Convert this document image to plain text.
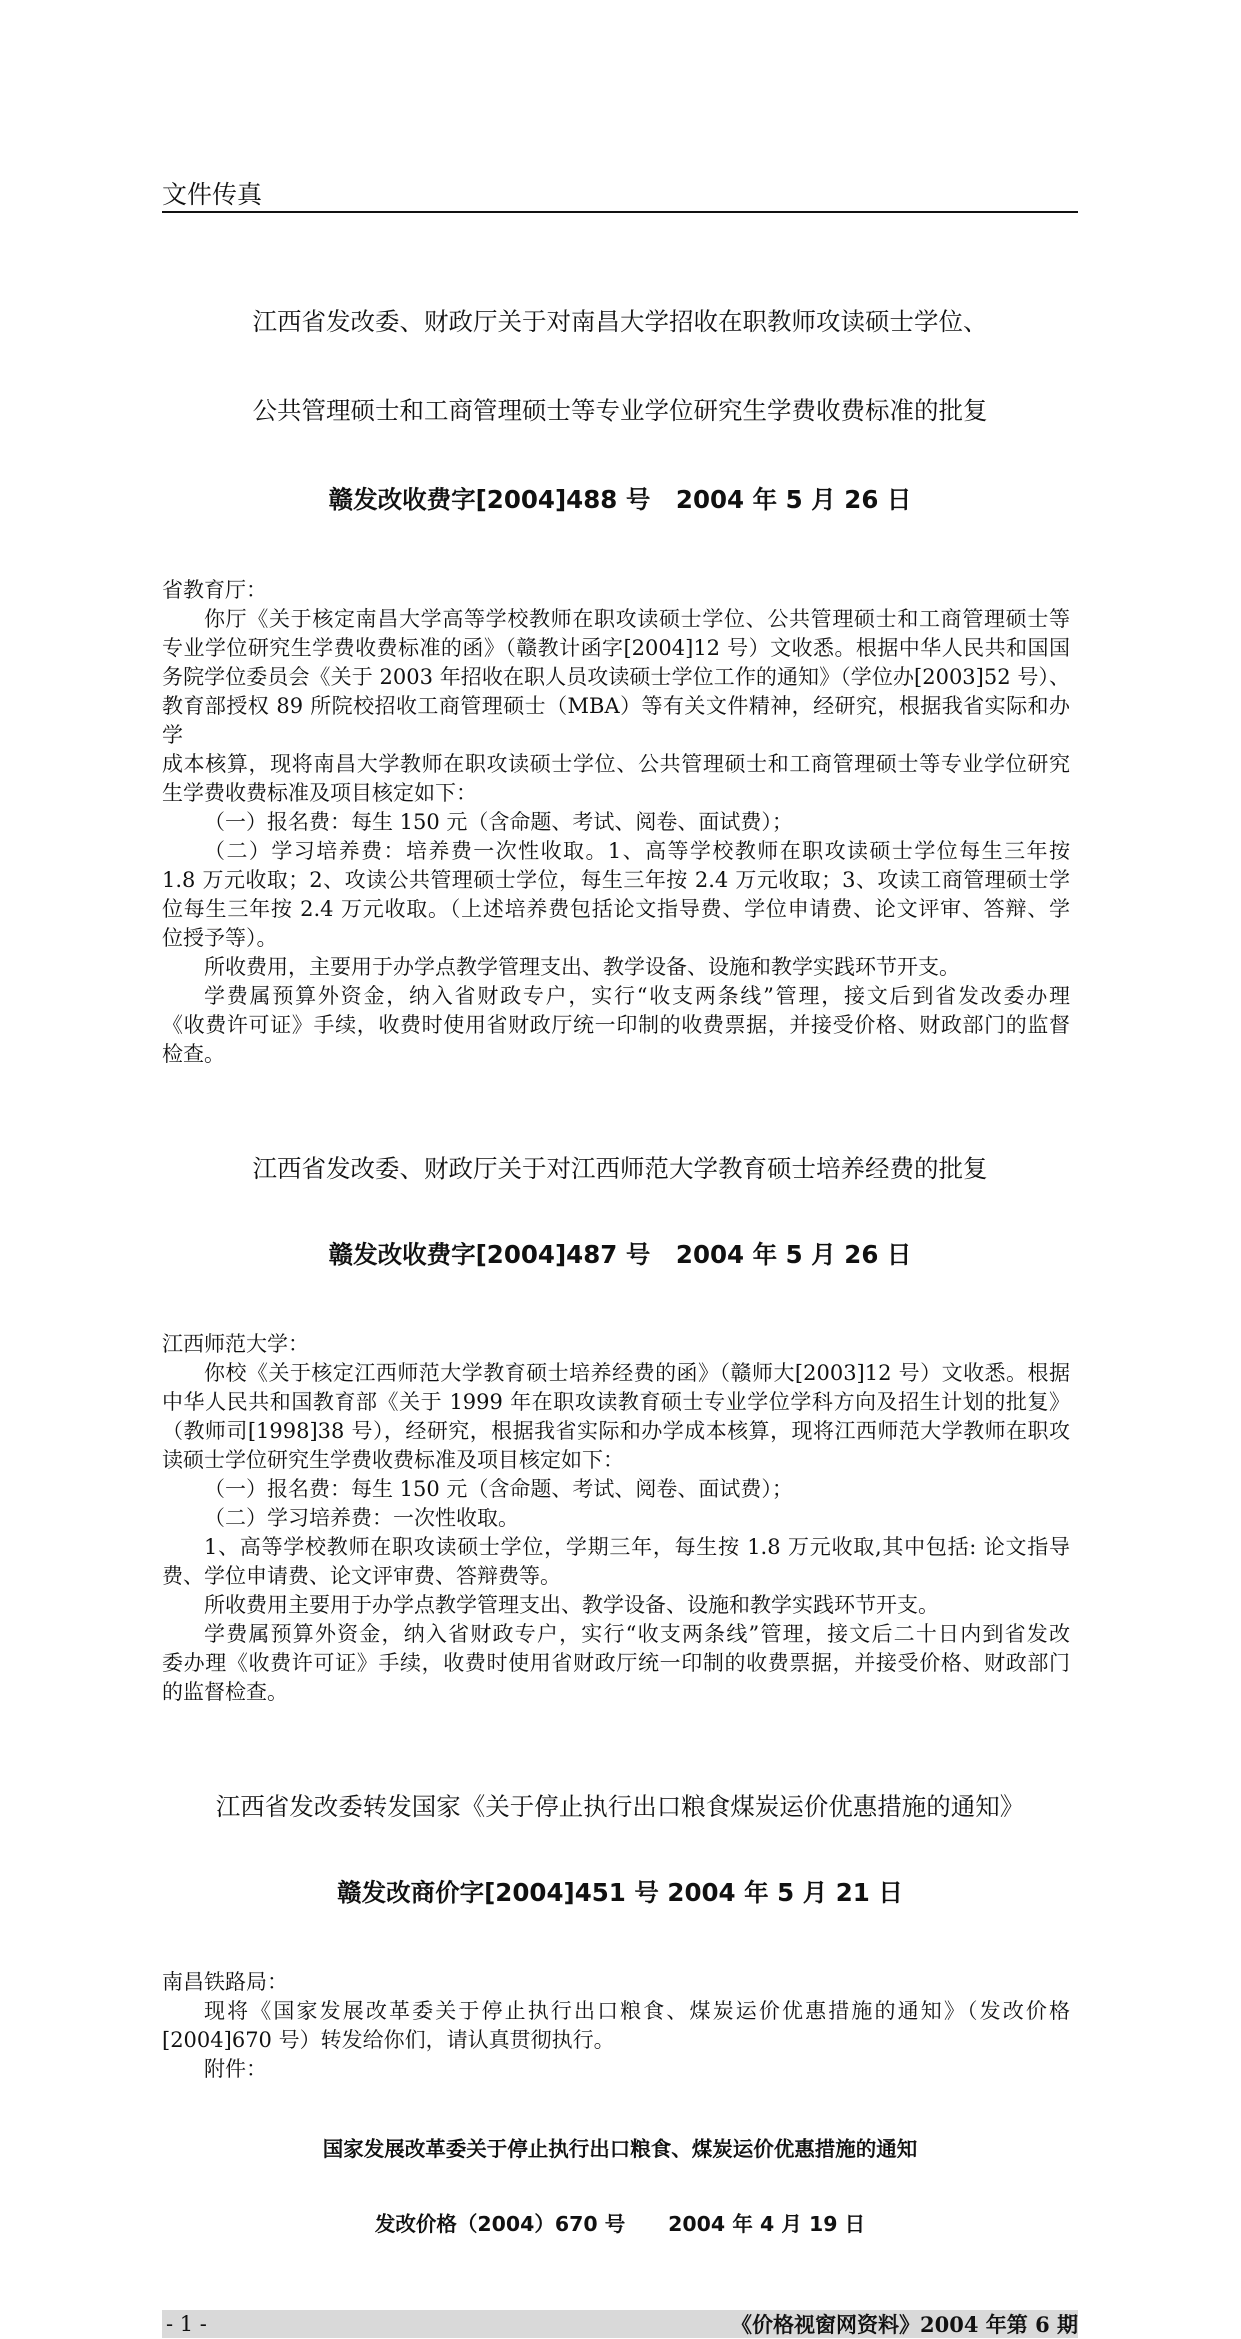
文件传真

江西省发改委、财政厅关于对南昌大学招收在职教师攻读硕士学位、

公共管理硕士和工商管理硕士等专业学位研究生学费收费标准的批复

赣发改收费字[2004]488 号   2004 年 5 月 26 日

省教育厅：
你厅《关于核定南昌大学高等学校教师在职攻读硕士学位、公共管理硕士和工商管理硕士等
专业学位研究生学费收费标准的函》（赣教计函字[2004]12 号）文收悉。根据中华人民共和国国
务院学位委员会《关于 2003 年招收在职人员攻读硕士学位工作的通知》（学位办[2003]52 号）、
教育部授权 89 所院校招收工商管理硕士（MBA）等有关文件精神，经研究，根据我省实际和办学
成本核算，现将南昌大学教师在职攻读硕士学位、公共管理硕士和工商管理硕士等专业学位研究
生学费收费标准及项目核定如下：
（一）报名费：每生 150 元（含命题、考试、阅卷、面试费）；
（二）学习培养费：培养费一次性收取。1、高等学校教师在职攻读硕士学位每生三年按
1.8 万元收取；2、攻读公共管理硕士学位，每生三年按 2.4 万元收取；3、攻读工商管理硕士学
位每生三年按 2.4 万元收取。（上述培养费包括论文指导费、学位申请费、论文评审、答辩、学
位授予等）。
所收费用，主要用于办学点教学管理支出、教学设备、设施和教学实践环节开支。
学费属预算外资金，纳入省财政专户，实行“收支两条线”管理，接文后到省发改委办理
《收费许可证》手续，收费时使用省财政厅统一印制的收费票据，并接受价格、财政部门的监督
检查。

江西省发改委、财政厅关于对江西师范大学教育硕士培养经费的批复

赣发改收费字[2004]487 号   2004 年 5 月 26 日

江西师范大学：
你校《关于核定江西师范大学教育硕士培养经费的函》（赣师大[2003]12 号）文收悉。根据
中华人民共和国教育部《关于 1999 年在职攻读教育硕士专业学位学科方向及招生计划的批复》
（教师司[1998]38 号），经研究，根据我省实际和办学成本核算，现将江西师范大学教师在职攻
读硕士学位研究生学费收费标准及项目核定如下：
（一）报名费：每生 150 元（含命题、考试、阅卷、面试费）；
（二）学习培养费：一次性收取。
1、高等学校教师在职攻读硕士学位，学期三年，每生按 1.8 万元收取,其中包括: 论文指导
费、学位申请费、论文评审费、答辩费等。
所收费用主要用于办学点教学管理支出、教学设备、设施和教学实践环节开支。
学费属预算外资金，纳入省财政专户，实行“收支两条线”管理，接文后二十日内到省发改
委办理《收费许可证》手续，收费时使用省财政厅统一印制的收费票据，并接受价格、财政部门
的监督检查。

江西省发改委转发国家《关于停止执行出口粮食煤炭运价优惠措施的通知》

赣发改商价字[2004]451 号 2004 年 5 月 21 日

南昌铁路局：
现将《国家发展改革委关于停止执行出口粮食、煤炭运价优惠措施的通知》（发改价格
[2004]670 号）转发给你们，请认真贯彻执行。
附件：

国家发展改革委关于停止执行出口粮食、煤炭运价优惠措施的通知

发改价格（2004）670 号      2004 年 4 月 19 日

- 1 -	《价格视窗网资料》2004 年第 6 期
